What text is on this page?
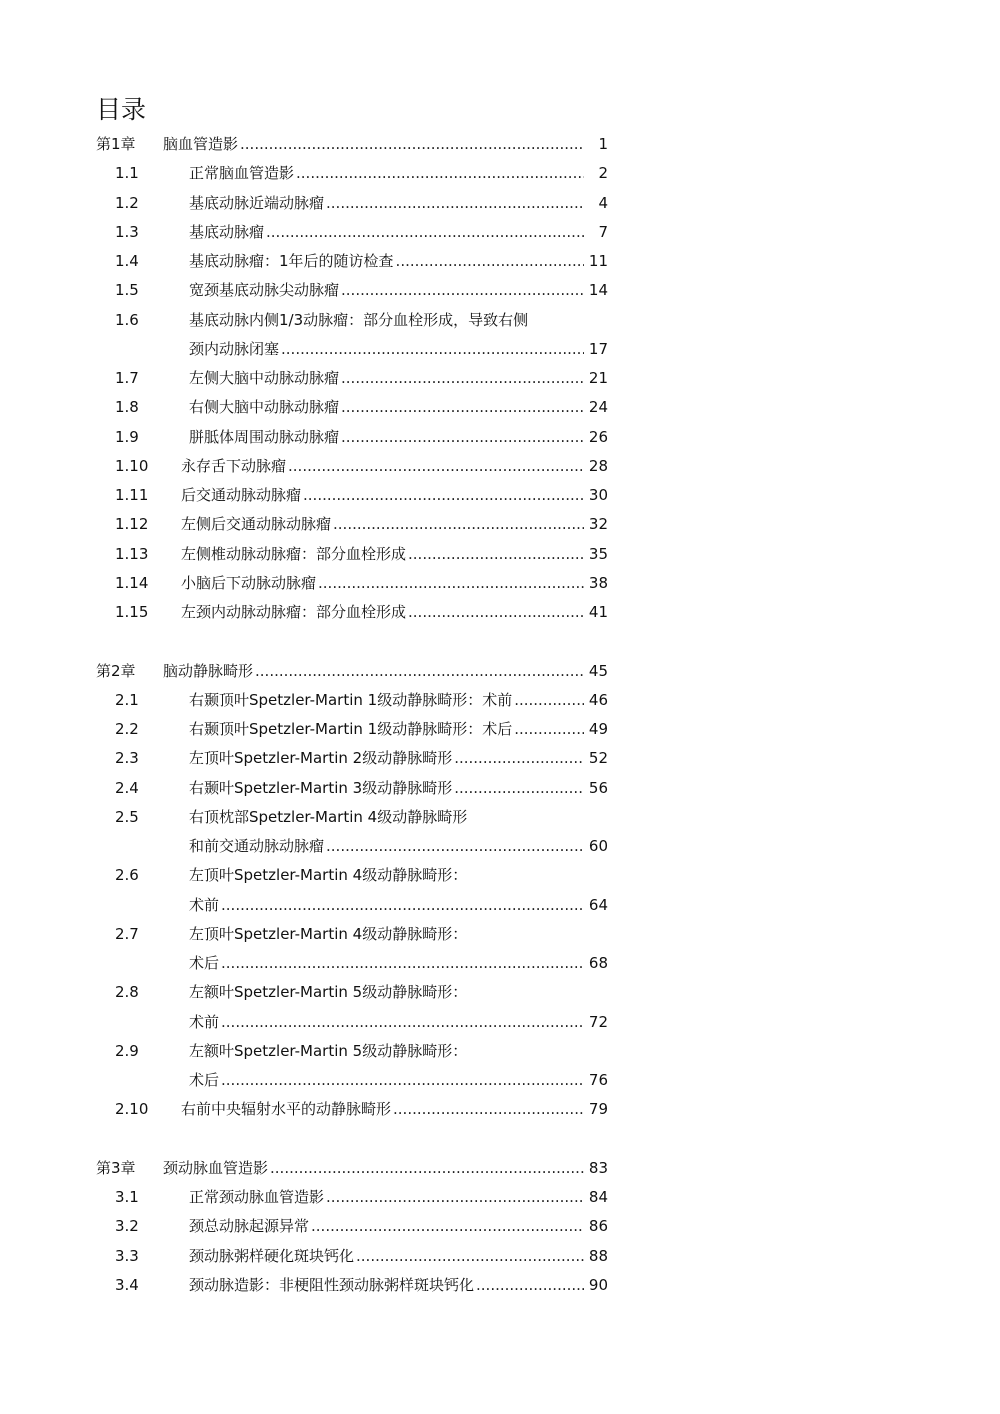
目录
第1章 脑血管造影 .....	1
1.1	正常脑血管造影 .....	2
1.2	基底动脉近端动脉瘤 .....	4
1.3	基底动脉瘤 .....	7
1.4	基底动脉瘤：1年后的随访检查 .....	11
1.5	宽颈基底动脉尖动脉瘤 .....	14
1.6	基底动脉内侧1/3动脉瘤：部分血栓形成，导致右侧
颈内动脉闭塞 .....	17
1.7	左侧大脑中动脉动脉瘤 .....	21
1.8	右侧大脑中动脉动脉瘤 .....	24
1.9	胼胝体周围动脉动脉瘤 .....	26
1.10 永存舌下动脉瘤 .....	28
1.11 后交通动脉动脉瘤 .....	30
1.12 左侧后交通动脉动脉瘤 .....	32
1.13 左侧椎动脉动脉瘤：部分血栓形成 .....	35
1.14 小脑后下动脉动脉瘤 .....	38
1.15 左颈内动脉动脉瘤：部分血栓形成 .....	41
第2章 脑动静脉畸形 .....	45
2.1	右颞顶叶Spetzler-Martin 1级动静脉畸形：术前 .....	46
2.2	右颞顶叶Spetzler-Martin 1级动静脉畸形：术后 .....	49
2.3	左顶叶Spetzler-Martin 2级动静脉畸形 .....	52
2.4	右颞叶Spetzler-Martin 3级动静脉畸形 .....	56
2.5	右顶枕部Spetzler-Martin 4级动静脉畸形
和前交通动脉动脉瘤 .....	60
2.6	左顶叶Spetzler-Martin 4级动静脉畸形：
术前 .....	64
2.7	左顶叶Spetzler-Martin 4级动静脉畸形：
术后 .....	68
2.8	左额叶Spetzler-Martin 5级动静脉畸形：
术前 .....	72
2.9	左额叶Spetzler-Martin 5级动静脉畸形：
术后 .....	76
2.10 右前中央辐射水平的动静脉畸形 .....	79
第3章 颈动脉血管造影 .....	83
3.1	正常颈动脉血管造影 .....	84
3.2	颈总动脉起源异常 .....	86
3.3	颈动脉粥样硬化斑块钙化 .....	88
3.4	颈动脉造影：非梗阻性颈动脉粥样斑块钙化 .....	90
